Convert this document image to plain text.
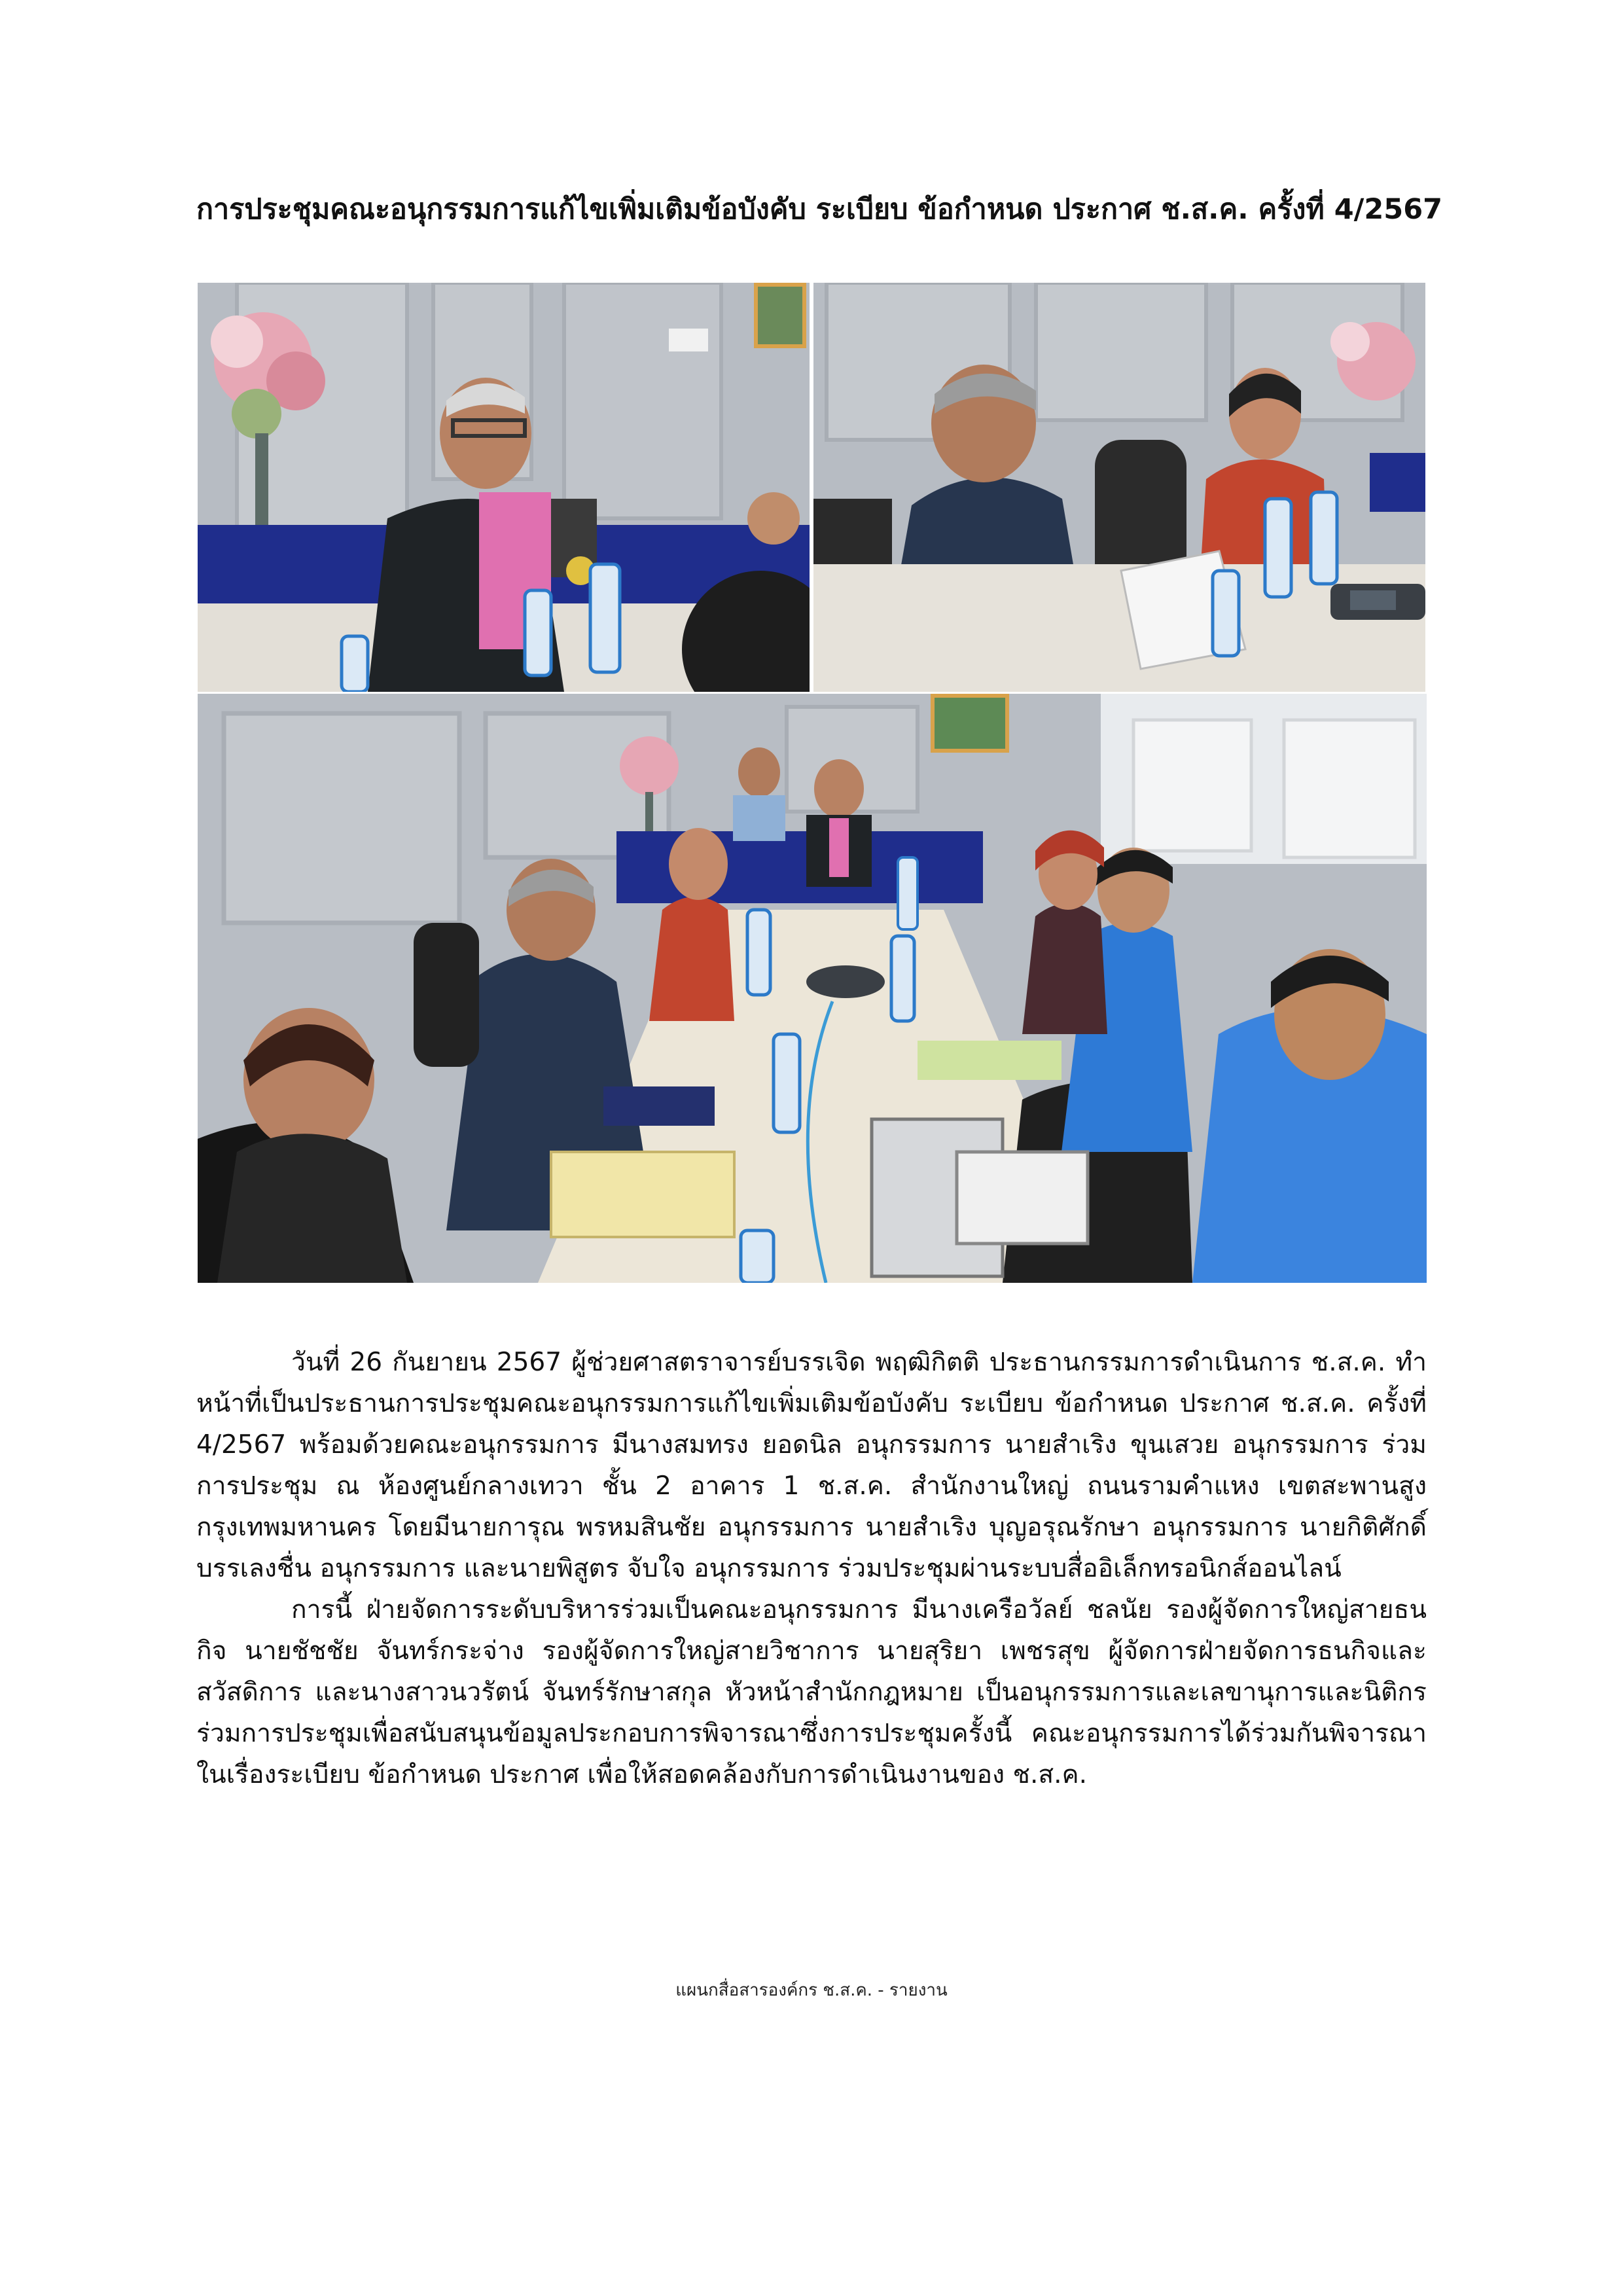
การประชุมคณะอนุกรรมการแก้ไขเพิ่มเติมข้อบังคับ ระเบียบ ข้อกำหนด ประกาศ ช.ส.ค. ครั้งที่ 4/2567

วันที่ 26 กันยายน 2567 ผู้ช่วยศาสตราจารย์บรรเจิด พฤฒิกิตติ ประธานกรรมการดำเนินการ ช.ส.ค. ทำหน้าที่เป็นประธานการประชุมคณะอนุกรรมการแก้ไขเพิ่มเติมข้อบังคับ ระเบียบ ข้อกำหนด ประกาศ ช.ส.ค. ครั้งที่ 4/2567 พร้อมด้วยคณะอนุกรรมการ มีนางสมทรง ยอดนิล อนุกรรมการ นายสำเริง ขุนเสวย อนุกรรมการ ร่วมการประชุม ณ ห้องศูนย์กลางเทวา ชั้น 2 อาคาร 1 ช.ส.ค. สำนักงานใหญ่ ถนนรามคำแหง เขตสะพานสูง กรุงเทพมหานคร โดยมีนายการุณ พรหมสินชัย อนุกรรมการ นายสำเริง บุญอรุณรักษา อนุกรรมการ นายกิติศักดิ์ บรรเลงชื่น อนุกรรมการ และนายพิสูตร จับใจ อนุกรรมการ ร่วมประชุมผ่านระบบสื่ออิเล็กทรอนิกส์ออนไลน์

การนี้ ฝ่ายจัดการระดับบริหารร่วมเป็นคณะอนุกรรมการ มีนางเครือวัลย์ ชลนัย รองผู้จัดการใหญ่สายธนกิจ นายชัชชัย จันทร์กระจ่าง รองผู้จัดการใหญ่สายวิชาการ นายสุริยา เพชรสุข ผู้จัดการฝ่ายจัดการธนกิจและสวัสดิการ และนางสาวนวรัตน์ จันทร์รักษาสกุล หัวหน้าสำนักกฎหมาย เป็นอนุกรรมการและเลขานุการและนิติกร ร่วมการประชุมเพื่อสนับสนุนข้อมูลประกอบการพิจารณาซึ่งการประชุมครั้งนี้ คณะอนุกรรมการได้ร่วมกันพิจารณาในเรื่องระเบียบ ข้อกำหนด ประกาศ เพื่อให้สอดคล้องกับการดำเนินงานของ ช.ส.ค.

แผนกสื่อสารองค์กร ช.ส.ค. - รายงาน
